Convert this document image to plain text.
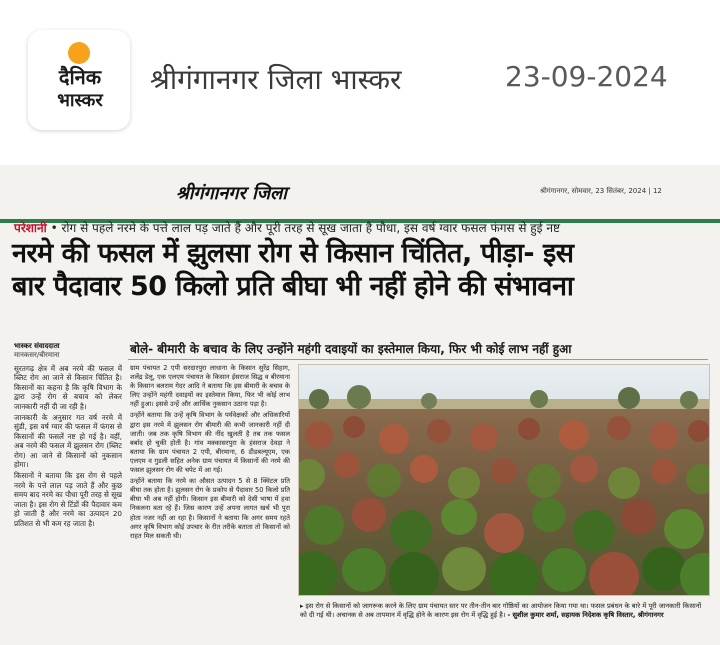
दैनिक
भास्कर
श्रीगंगानगर जिला भास्कर	23-09-2024
श्रीगंगानगर जिला	श्रीगंगानगर, सोमवार, 23 सितंबर, 2024 | 12
परेशानी • रोग से पहले नरमे के पत्ते लाल पड़ जाते हैं और पूरी तरह से सूख जाता है पौधा, इस वर्ष ग्वार फसल फंगस से हुई नष्ट
नरमे की फसल में झुलसा रोग से किसान चिंतित, पीड़ा- इस
बार पैदावार 50 किलो प्रति बीघा भी नहीं होने की संभावना
भास्कर संवाददाता
मानकसर/बीरमाना	बोले- बीमारी के बचाव के लिए उन्होंने महंगी दवाइयों का इस्तेमाल किया, फिर भी कोई लाभ नहीं हुआ

सूरतगढ़ क्षेत्र में अब नरमे की फसल में ब्लिट रोग आ जाने से किसान चिंतित है। किसानों का कहना है कि कृषि विभाग के द्वारा उन्हें रोग से बचाव को लेकर जानकारी नहीं दी जा रही है।

जानकारी के अनुसार गत वर्ष नरमे में सुंडी, इस वर्ष ग्वार की फसल में फंगस से किसानों की फसलें नष्ट हो गई है। वहीं, अब नरमे की फसल में झुलसन रोग (ब्लिट रोग) आ जाने से किसानों को नुकसान होगा।

किसानों ने बताया कि इस रोग से पहले नरमे के पत्ते लाल पड़ जाते हैं और कुछ समय बाद नरमे का पौधा पूरी तरह से सूख जाता है। इस रोग से टिंडों की पैदावार कम हो जाती है और नरमे का उत्पादन 20 प्रतिशत से भी कम रह जाता है।

ग्राम पंचायत 2 एपी सरदारपुरा लाधाना के किसान सुरेंद्र सिहाग, शलेंद्र डेलू, एक एलएम पंचायत के किसान ईसराज सिद्ध व बीरमाना के किसान बलराम गेदर आदि ने बताया कि इस बीमारी के बचाव के लिए उन्होंने महंगी दवाइयों का इस्तेमाल किया, फिर भी कोई लाभ नहीं हुआ। इससे उन्हें और आर्थिक नुकसान उठाना पड़ा है।

उन्होंने बताया कि उन्हें कृषि विभाग के पर्यवेक्षकों और अधिकारियों द्वारा इस नरमे में झुलसन रोग बीमारी की कभी जानकारी नहीं दी जाती। जब तक कृषि विभाग की नींद खुलती है तब तक फसल बर्बाद हो चुकी होती है। गांव मक्कासरपुरा के हंसराज देवड़ा ने बताया कि ग्राम पंचायत 2 एपी, बीरमाना, 6 डीडबल्यूएम, एक एलएम व गुडली सहित अनेक ग्राम पंचायत में किसानों की नरमे की फसल झुलसन रोग की चपेट में आ गई।

उन्होंने बताया कि नरमे का औसत उत्पादन 5 से 8 क्विंटल प्रति बीघा तक होता है। झुलसन रोग के प्रकोप से पैदावार 50 किलो प्रति बीघा भी अब नहीं होगी। किसान इस बीमारी को देसी भाषा में हवा निकलना बता रहे हैं। जिस कारण उन्हें अपना लागत खर्च भी पूरा होता नजर नहीं आ रहा है। किसानों ने बताया कि अगर समय रहते अगर कृषि विभाग कोई उपचार के रीत तरीके बताता तो किसानों को राहत मिल सकती थी।

▸ इस रोग से किसानों को जागरूक करने के लिए ग्राम पंचायत स्तर पर तीन-तीन बार गोष्ठियों का आयोजन किया गया था। फसल प्रबंधन के बारे में पूरी जानकारी किसानों को दी गई थी। अचानक से अब तापमान में वृद्धि होने के कारण इस रोग में वृद्धि हुई है। - सुशील कुमार शर्मा, सहायक निदेशक कृषि विस्तार, श्रीगंगानगर
